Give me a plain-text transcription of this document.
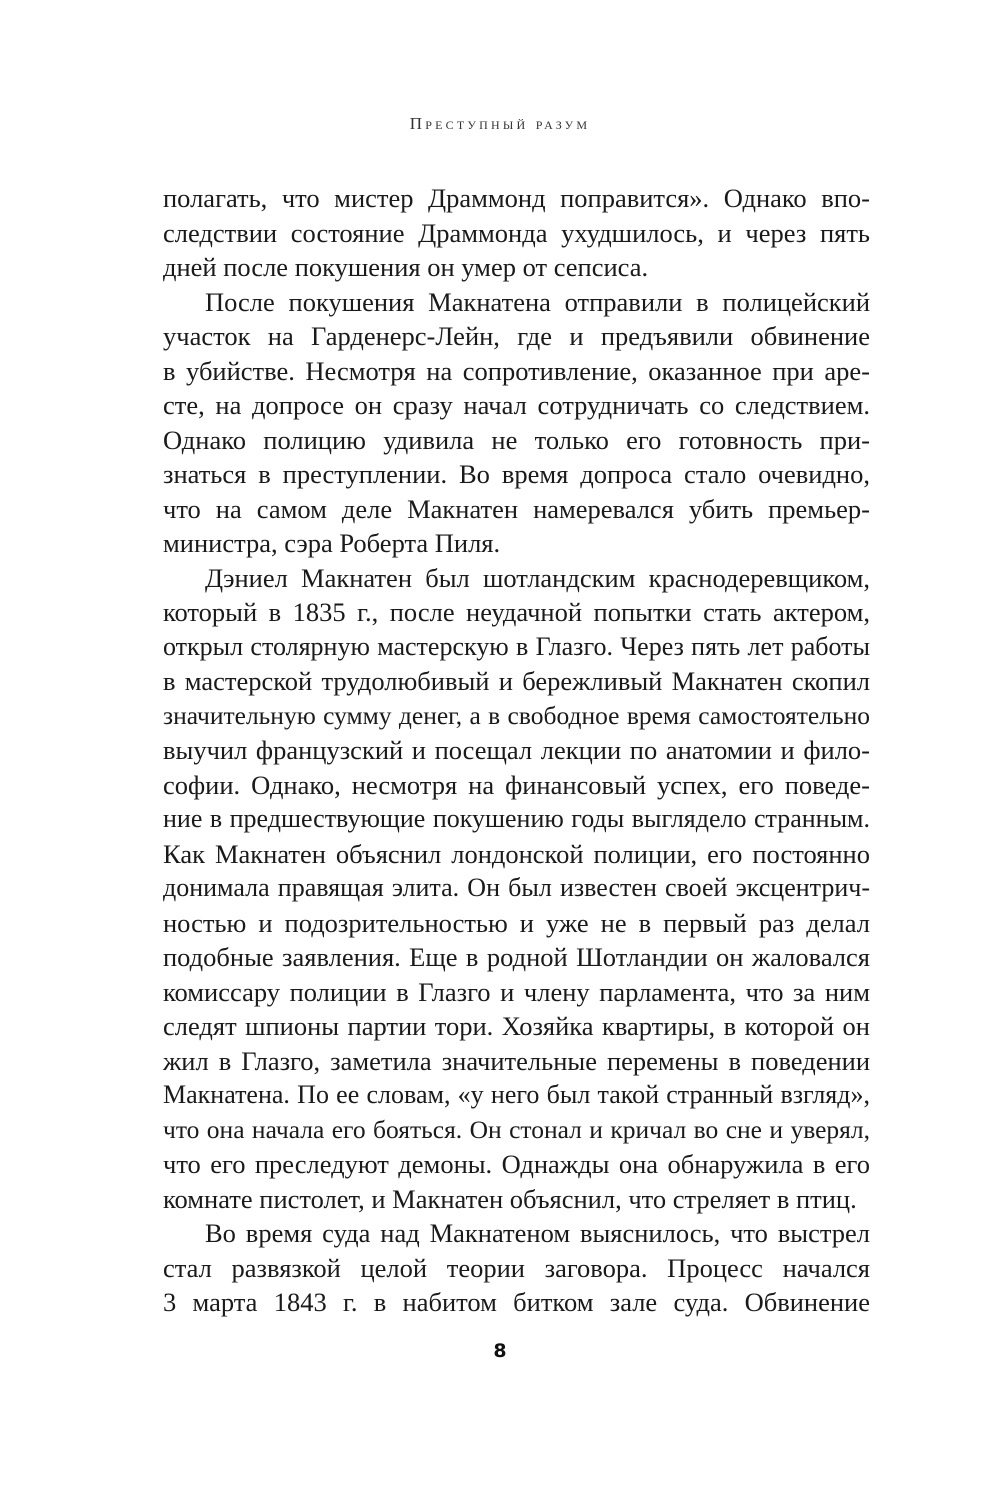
Преступный разум
полагать, что мистер Драммонд поправится». Однако впо-
следствии состояние Драммонда ухудшилось, и через пять
дней после покушения он умер от сепсиса.
После покушения Макнатена отправили в полицейский
участок на Гарденерс-Лейн, где и предъявили обвинение
в убийстве. Несмотря на сопротивление, оказанное при аре-
сте, на допросе он сразу начал сотрудничать со следствием.
Однако полицию удивила не только его готовность при-
знаться в преступлении. Во время допроса стало очевидно,
что на самом деле Макнатен намеревался убить премьер-
министра, сэра Роберта Пиля.
Дэниел Макнатен был шотландским краснодеревщиком,
который в 1835 г., после неудачной попытки стать актером,
открыл столярную мастерскую в Глазго. Через пять лет работы
в мастерской трудолюбивый и бережливый Макнатен скопил
значительную сумму денег, а в свободное время самостоятельно
выучил французский и посещал лекции по анатомии и фило-
софии. Однако, несмотря на финансовый успех, его поведе-
ние в предшествующие покушению годы выглядело странным.
Как Макнатен объяснил лондонской полиции, его постоянно
донимала правящая элита. Он был известен своей эксцентрич-
ностью и подозрительностью и уже не в первый раз делал
подобные заявления. Еще в родной Шотландии он жаловался
комиссару полиции в Глазго и члену парламента, что за ним
следят шпионы партии тори. Хозяйка квартиры, в которой он
жил в Глазго, заметила значительные перемены в поведении
Макнатена. По ее словам, «у него был такой странный взгляд»,
что она начала его бояться. Он стонал и кричал во сне и уверял,
что его преследуют демоны. Однажды она обнаружила в его
комнате пистолет, и Макнатен объяснил, что стреляет в птиц.
Во время суда над Макнатеном выяснилось, что выстрел
стал развязкой целой теории заговора. Процесс начался
3 марта 1843 г. в набитом битком зале суда. Обвинение
8
